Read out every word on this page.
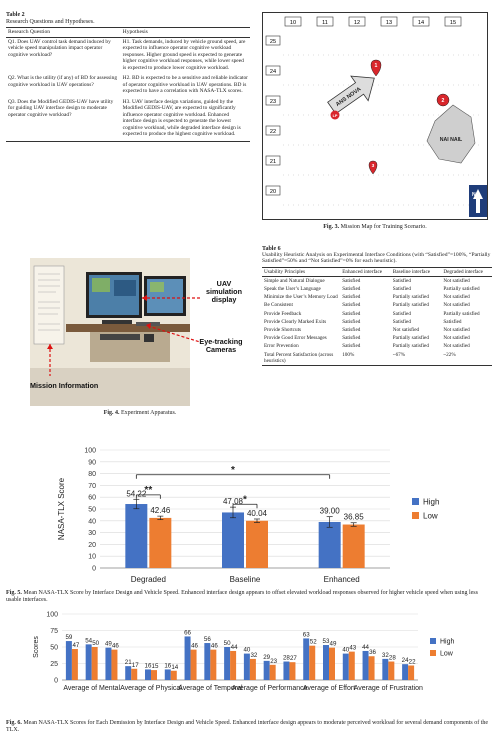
Table 2
Research Questions and Hypotheses.
Research Question	Hypothesis
Q1. Does UAV control task demand induced by vehicle speed manipulation impact operator cognitive workload?	H1. Task demands, induced by vehicle ground speed, are expected to influence operator cognitive workload responses. Higher ground speed is expected to generate higher cognitive workload responses, while lower speed is expected to produce lower cognitive workload.
Q2. What is the utility (if any) of BD for assessing cognitive workload in UAV operations?	H2. BD is expected to be a sensitive and reliable indicator of operator cognitive workload in UAV operations. BD is expected to have a correlation with NASA-TLX scores.
Q3. Does the Modified GEDIS-UAV have utility for guiding UAV interface design to moderate operator cognitive workload?	H3. UAV interface design variations, guided by the Modified GEDIS-UAV, are expected to significantly influence operator cognitive workload. Enhanced interface design is expected to generate the lowest cognitive workload, while degraded interface design is expected to produce the highest cognitive workload.
10	11	12	13	14	15
25
24
23
22
21
20
ANS NOVA
NAI NAIL
1
2
3
LP
N
Fig. 3. Mission Map for Training Scenario.
UAV simulation display
Eye-tracking Cameras
Mission Information
Fig. 4. Experiment Apparatus.
Table 6
Usability Heuristic Analysis on Experimental Interface Conditions (with “Satisfied”=100%, “Partially Satisfied”=50% and “Not Satisfied”=0% for each heuristic).
Usability Principles	Enhanced interface	Baseline interface	Degraded interface
Simple and Natural Dialogue	Satisfied	Satisfied	Not satisfied
Speak the User’s Language	Satisfied	Satisfied	Partially satisfied
Minimize the User’s Memory Load	Satisfied	Partially satisfied	Not satisfied
Be Consistent	Satisfied	Partially satisfied	Not satisfied
Provide Feedback	Satisfied	Satisfied	Partially satisfied
Provide Clearly Marked Exits	Satisfied	Satisfied	Satisfied
Provide Shortcuts	Satisfied	Not satisfied	Not satisfied
Provide Good Error Messages	Satisfied	Partially satisfied	Not satisfied
Error Prevention	Satisfied	Partially satisfied	Not satisfied
Total Percent Satisfaction (across heuristics)	100%	~67%	~22%
0
10
20
30
40
50
60
70
80
90
100
NASA-TLX Score
Degraded
54.22
42.46
Baseline
47.08
40.04
Enhanced
39.00
36.85
**
*
*
High
Low
Fig. 5. Mean NASA-TLX Score by Interface Design and Vehicle Speed. Enhanced interface design appears to offset elevated workload responses observed for higher vehicle speed when using less usable interfaces.
0
25
50
75
100
Scores	59
47
54 50 49 46
Average of Mental
21 17 16 15 16 14
Average of Physical
66
46
56
46 50
44
Average of Temporal
40
32 29
23 28 27
Average of Performance
63
52 53 49
40 43
Average of Effort
44
36 32 28 24 22
Average of Frustration
High
Low
Fig. 6. Mean NASA-TLX Scores for Each Demission by Interface Design and Vehicle Speed. Enhanced interface design appears to moderate perceived workload for several demand components of the TLX.
